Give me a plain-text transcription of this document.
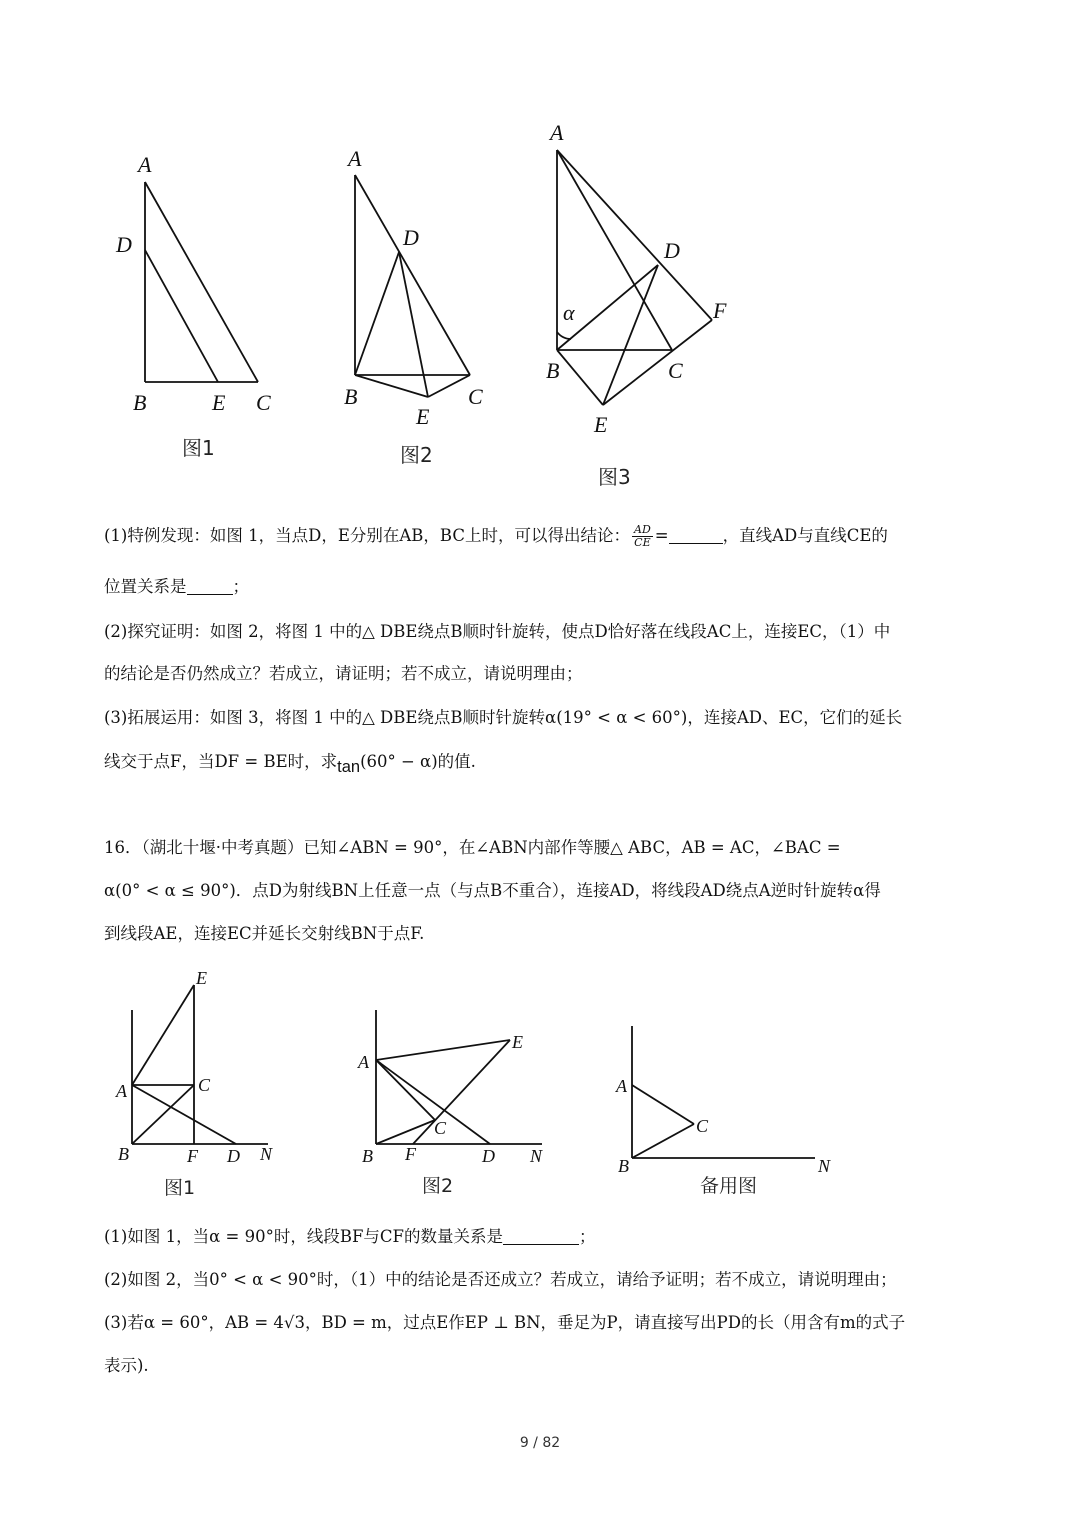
A
D
B	E C
图1
A
D
B
E
C
图2
A
D
F
α
B	C
E
图3
(1)特例发现：如图 1，当点D，E分别在AB，BC上时，可以得出结论： $\frac{AD}{CE}$ =	，直线AD与直线CE的
位置关系是	；
(2)探究证明：如图 2，将图 1 中的△ DBE绕点B顺时针旋转，使点D恰好落在线段AC上，连接EC，（1）中
的结论是否仍然成立？若成立，请证明；若不成立，请说明理由；
(3)拓展运用：如图 3，将图 1 中的△ DBE绕点B顺时针旋转α(19° < α < 60°)，连接AD、EC，它们的延长
线交于点F，当DF = BE时，求tan(60° − α)的值.
16．（湖北十堰·中考真题）已知∠ABN = 90°，在∠ABN内部作等腰△ ABC，AB = AC，∠BAC =
α(0° < α ≤ 90°)．点D为射线BN上任意一点（与点B不重合），连接AD，将线段AD绕点A逆时针旋转α得
到线段AE，连接EC并延长交射线BN于点F.
E
A	C
B	F D N
图1
E
A
C
B F	D N
图2
A
C
B	N
备用图
(1)如图 1，当α = 90°时，线段BF与CF的数量关系是	；
(2)如图 2，当0° < α < 90°时，（1）中的结论是否还成立？若成立，请给予证明；若不成立，请说明理由；
(3)若α = 60°，AB = 4√3，BD = m，过点E作EP ⊥ BN，垂足为P，请直接写出PD的长（用含有m的式子
表示).
9 / 82
